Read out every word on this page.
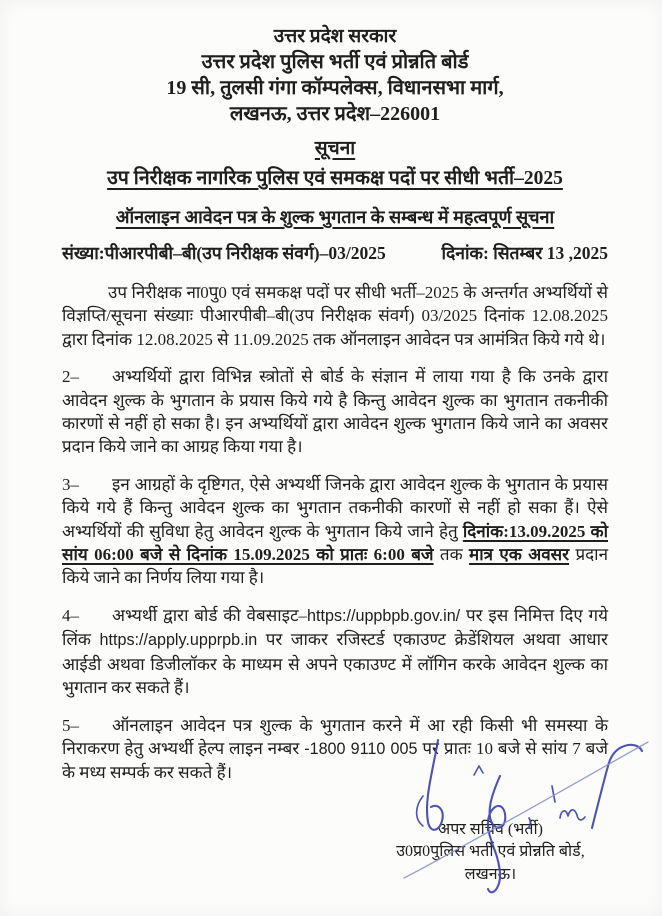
उत्तर प्रदेश सरकार
उत्तर प्रदेश पुलिस भर्ती एवं प्रोन्नति बोर्ड
19 सी, तुलसी गंगा कॉम्पलेक्स, विधानसभा मार्ग,
लखनऊ, उत्तर प्रदेश–226001
सूचना
उप निरीक्षक नागरिक पुलिस एवं समकक्ष पदों पर सीधी भर्ती–2025
ऑनलाइन आवेदन पत्र के शुल्क भुगतान के सम्बन्ध में महत्वपूर्ण सूचना
संख्या:पीआरपीबी–बी(उप निरीक्षक संवर्ग)–03/2025	दिनांक: सितम्बर 13 ,2025

उप निरीक्षक ना0पु0 एवं समकक्ष पदों पर सीधी भर्ती–2025 के अन्तर्गत अभ्यर्थियों से विज्ञप्ति/सूचना संख्याः पीआरपीबी–बी(उप निरीक्षक संवर्ग) 03/2025 दिनांक 12.08.2025 द्वारा दिनांक 12.08.2025 से 11.09.2025 तक ऑनलाइन आवेदन पत्र आमंत्रित किये गये थे।

2– अभ्यर्थियों द्वारा विभिन्न स्त्रोतों से बोर्ड के संज्ञान में लाया गया है कि उनके द्वारा आवेदन शुल्क के भुगतान के प्रयास किये गये है किन्तु आवेदन शुल्क का भुगतान तकनीकी कारणों से नहीं हो सका है। इन अभ्यर्थियों द्वारा आवेदन शुल्क भुगतान किये जाने का अवसर प्रदान किये जाने का आग्रह किया गया है।

3– इन आग्रहों के दृष्टिगत, ऐसे अभ्यर्थी जिनके द्वारा आवेदन शुल्क के भुगतान के प्रयास किये गये हैं किन्तु आवेदन शुल्क का भुगतान तकनीकी कारणों से नहीं हो सका हैं। ऐसे अभ्यर्थियों की सुविधा हेतु आवेदन शुल्क के भुगतान किये जाने हेतु दिनांक:13.09.2025 को सांय 06:00 बजे से दिनांक 15.09.2025 को प्रातः 6:00 बजे तक मात्र एक अवसर प्रदान किये जाने का निर्णय लिया गया है।

4– अभ्यर्थी द्वारा बोर्ड की वेबसाइट–https://uppbpb.gov.in/ पर इस निमित्त दिए गये लिंक https://apply.upprpb.in पर जाकर रजिस्टर्ड एकाउण्ट क्रेडेंशियल अथवा आधार आईडी अथवा डिजीलॉकर के माध्यम से अपने एकाउण्ट में लॉगिन करके आवेदन शुल्क का भुगतान कर सकते हैं।

5– ऑनलाइन आवेदन पत्र शुल्क के भुगतान करने में आ रही किसी भी समस्या के निराकरण हेतु अभ्यर्थी हेल्प लाइन नम्बर -1800 9110 005 पर प्रातः 10 बजे से सांय 7 बजे के मध्य सम्पर्क कर सकते हैं।

अपर सचिव (भर्ती)
उ0प्र0पुलिस भर्ती एवं प्रोन्नति बोर्ड,
लखनऊ।
